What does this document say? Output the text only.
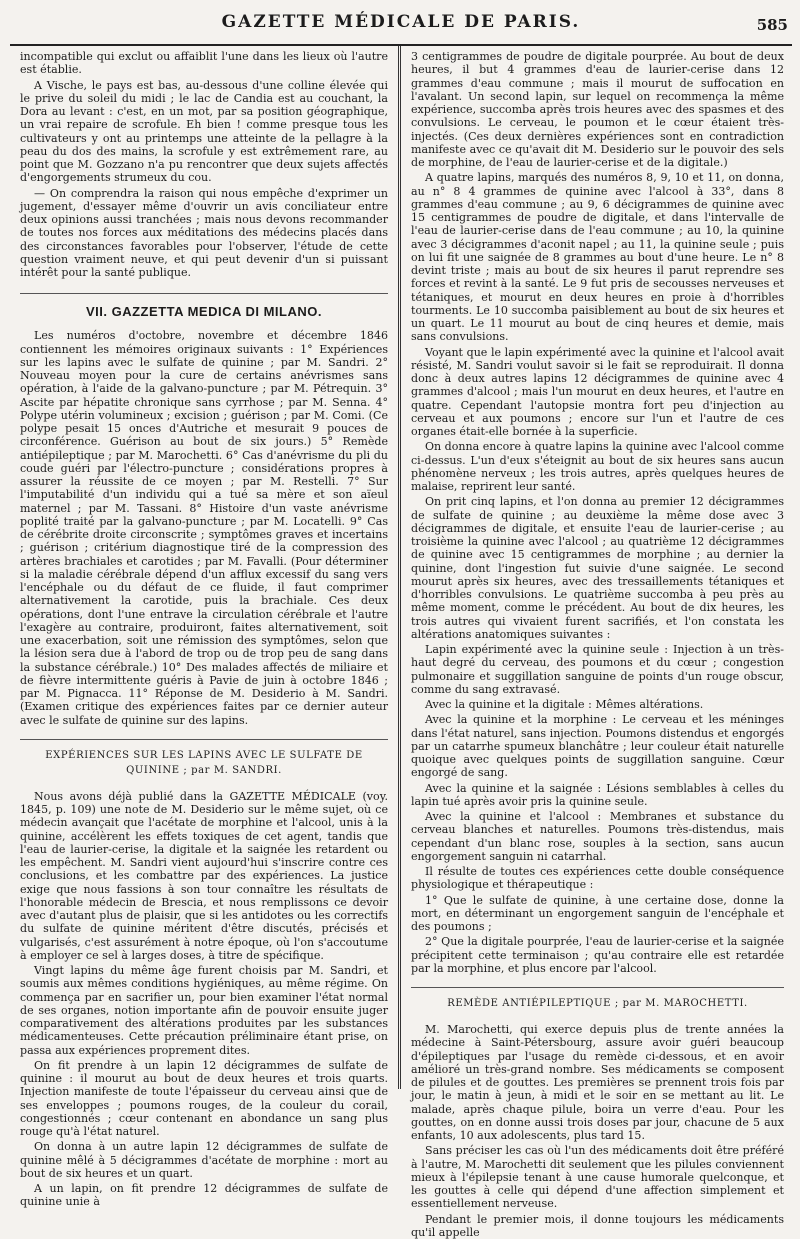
GAZETTE MÉDICALE DE PARIS.	585

incompatible qui exclut ou affaiblit l'une dans les lieux où l'autre est établie.

A Vische, le pays est bas, au-dessous d'une colline élevée qui le prive du soleil du midi ; le lac de Candia est au couchant, la Dora au levant : c'est, en un mot, par sa position géographique, un vrai repaire de scrofule. Eh bien ! comme presque tous les cultivateurs y ont au printemps une atteinte de la pellagre à la peau du dos des mains, la scrofule y est extrêmement rare, au point que M. Gozzano n'a pu rencontrer que deux sujets affectés d'engorgements strumeux du cou.

— On comprendra la raison qui nous empêche d'exprimer un jugement, d'essayer même d'ouvrir un avis conciliateur entre deux opinions aussi tranchées ; mais nous devons recommander de toutes nos forces aux méditations des médecins placés dans des circonstances favorables pour l'observer, l'étude de cette question vraiment neuve, et qui peut devenir d'un si puissant intérêt pour la santé publique.

VII. GAZZETTA MEDICA DI MILANO.

Les numéros d'octobre, novembre et décembre 1846 contiennent les mémoires originaux suivants : 1° Expériences sur les lapins avec le sulfate de quinine ; par M. Sandri. 2° Nouveau moyen pour la cure de certains anévrismes sans opération, à l'aide de la galvano-puncture ; par M. Pétrequin. 3° Ascite par hépatite chronique sans cyrrhose ; par M. Senna. 4° Polype utérin volumineux ; excision ; guérison ; par M. Comi. (Ce polype pesait 15 onces d'Autriche et mesurait 9 pouces de circonférence. Guérison au bout de six jours.) 5° Remède antiépileptique ; par M. Marochetti. 6° Cas d'anévrisme du pli du coude guéri par l'électro-puncture ; considérations propres à assurer la réussite de ce moyen ; par M. Restelli. 7° Sur l'imputabilité d'un individu qui a tué sa mère et son aïeul maternel ; par M. Tassani. 8° Histoire d'un vaste anévrisme poplité traité par la galvano-puncture ; par M. Locatelli. 9° Cas de cérébrite droite circonscrite ; symptômes graves et incertains ; guérison ; critérium diagnostique tiré de la compression des artères brachiales et carotides ; par M. Favalli. (Pour déterminer si la maladie cérébrale dépend d'un afflux excessif du sang vers l'encéphale ou du défaut de ce fluide, il faut comprimer alternativement la carotide, puis la brachiale. Ces deux opérations, dont l'une entrave la circulation cérébrale et l'autre l'exagère au contraire, produiront, faites alternativement, soit une exacerbation, soit une rémission des symptômes, selon que la lésion sera due à l'abord de trop ou de trop peu de sang dans la substance cérébrale.) 10° Des malades affectés de miliaire et de fièvre intermittente guéris à Pavie de juin à octobre 1846 ; par M. Pignacca. 11° Réponse de M. Desiderio à M. Sandri. (Examen critique des expériences faites par ce dernier auteur avec le sulfate de quinine sur des lapins.

EXPÉRIENCES SUR LES LAPINS AVEC LE SULFATE DE QUININE ; par M. SANDRI.

Nous avons déjà publié dans la GAZETTE MÉDICALE (voy. 1845, p. 109) une note de M. Desiderio sur le même sujet, où ce médecin avançait que l'acétate de morphine et l'alcool, unis à la quinine, accélèrent les effets toxiques de cet agent, tandis que l'eau de laurier-cerise, la digitale et la saignée les retardent ou les empêchent. M. Sandri vient aujourd'hui s'inscrire contre ces conclusions, et les combattre par des expériences. La justice exige que nous fassions à son tour connaître les résultats de l'honorable médecin de Brescia, et nous remplissons ce devoir avec d'autant plus de plaisir, que si les antidotes ou les correctifs du sulfate de quinine méritent d'être discutés, précisés et vulgarisés, c'est assurément à notre époque, où l'on s'accoutume à employer ce sel à larges doses, à titre de spécifique.

Vingt lapins du même âge furent choisis par M. Sandri, et soumis aux mêmes conditions hygiéniques, au même régime. On commença par en sacrifier un, pour bien examiner l'état normal de ses organes, notion importante afin de pouvoir ensuite juger comparativement des altérations produites par les substances médicamenteuses. Cette précaution préliminaire étant prise, on passa aux expériences proprement dites.

On fit prendre à un lapin 12 décigrammes de sulfate de quinine : il mourut au bout de deux heures et trois quarts. Injection manifeste de toute l'épaisseur du cerveau ainsi que de ses enveloppes ; poumons rouges, de la couleur du corail, congestionnés ; cœur contenant en abondance un sang plus rouge qu'à l'état naturel.

On donna à un autre lapin 12 décigrammes de sulfate de quinine mêlé à 5 décigrammes d'acétate de morphine : mort au bout de six heures et un quart.

A un lapin, on fit prendre 12 décigrammes de sulfate de quinine unie à

3 centigrammes de poudre de digitale pourprée. Au bout de deux heures, il but 4 grammes d'eau de laurier-cerise dans 12 grammes d'eau commune ; mais il mourut de suffocation en l'avalant. Un second lapin, sur lequel on recommença la même expérience, succomba après trois heures avec des spasmes et des convulsions. Le cerveau, le poumon et le cœur étaient très-injectés. (Ces deux dernières expériences sont en contradiction manifeste avec ce qu'avait dit M. Desiderio sur le pouvoir des sels de morphine, de l'eau de laurier-cerise et de la digitale.)

A quatre lapins, marqués des numéros 8, 9, 10 et 11, on donna, au n° 8 4 grammes de quinine avec l'alcool à 33°, dans 8 grammes d'eau commune ; au 9, 6 décigrammes de quinine avec 15 centigrammes de poudre de digitale, et dans l'intervalle de l'eau de laurier-cerise dans de l'eau commune ; au 10, la quinine avec 3 décigrammes d'aconit napel ; au 11, la quinine seule ; puis on lui fit une saignée de 8 grammes au bout d'une heure. Le n° 8 devint triste ; mais au bout de six heures il parut reprendre ses forces et revint à la santé. Le 9 fut pris de secousses nerveuses et tétaniques, et mourut en deux heures en proie à d'horribles tourments. Le 10 succomba paisiblement au bout de six heures et un quart. Le 11 mourut au bout de cinq heures et demie, mais sans convulsions.

Voyant que le lapin expérimenté avec la quinine et l'alcool avait résisté, M. Sandri voulut savoir si le fait se reproduirait. Il donna donc à deux autres lapins 12 décigrammes de quinine avec 4 grammes d'alcool ; mais l'un mourut en deux heures, et l'autre en quatre. Cependant l'autopsie montra fort peu d'injection au cerveau et aux poumons ; encore sur l'un et l'autre de ces organes était-elle bornée à la superficie.

On donna encore à quatre lapins la quinine avec l'alcool comme ci-dessus. L'un d'eux s'éteignit au bout de six heures sans aucun phénomène nerveux ; les trois autres, après quelques heures de malaise, reprirent leur santé.

On prit cinq lapins, et l'on donna au premier 12 décigrammes de sulfate de quinine ; au deuxième la même dose avec 3 décigrammes de digitale, et ensuite l'eau de laurier-cerise ; au troisième la quinine avec l'alcool ; au quatrième 12 décigrammes de quinine avec 15 centigrammes de morphine ; au dernier la quinine, dont l'ingestion fut suivie d'une saignée. Le second mourut après six heures, avec des tressaillements tétaniques et d'horribles convulsions. Le quatrième succomba à peu près au même moment, comme le précédent. Au bout de dix heures, les trois autres qui vivaient furent sacrifiés, et l'on constata les altérations anatomiques suivantes :

Lapin expérimenté avec la quinine seule : Injection à un très-haut degré du cerveau, des poumons et du cœur ; congestion pulmonaire et suggillation sanguine de points d'un rouge obscur, comme du sang extravasé.

Avec la quinine et la digitale : Mêmes altérations.

Avec la quinine et la morphine : Le cerveau et les méninges dans l'état naturel, sans injection. Poumons distendus et engorgés par un catarrhe spumeux blanchâtre ; leur couleur était naturelle quoique avec quelques points de suggillation sanguine. Cœur engorgé de sang.

Avec la quinine et la saignée : Lésions semblables à celles du lapin tué après avoir pris la quinine seule.

Avec la quinine et l'alcool : Membranes et substance du cerveau blanches et naturelles. Poumons très-distendus, mais cependant d'un blanc rose, souples à la section, sans aucun engorgement sanguin ni catarrhal.

Il résulte de toutes ces expériences cette double conséquence physiologique et thérapeutique :

1° Que le sulfate de quinine, à une certaine dose, donne la mort, en déterminant un engorgement sanguin de l'encéphale et des poumons ;

2° Que la digitale pourprée, l'eau de laurier-cerise et la saignée précipitent cette terminaison ; qu'au contraire elle est retardée par la morphine, et plus encore par l'alcool.

REMÈDE ANTIÉPILEPTIQUE ; par M. MAROCHETTI.

M. Marochetti, qui exerce depuis plus de trente années la médecine à Saint-Pétersbourg, assure avoir guéri beaucoup d'épileptiques par l'usage du remède ci-dessous, et en avoir amélioré un très-grand nombre. Ses médicaments se composent de pilules et de gouttes. Les premières se prennent trois fois par jour, le matin à jeun, à midi et le soir en se mettant au lit. Le malade, après chaque pilule, boira un verre d'eau. Pour les gouttes, on en donne aussi trois doses par jour, chacune de 5 aux enfants, 10 aux adolescents, plus tard 15.

Sans préciser les cas où l'un des médicaments doit être préféré à l'autre, M. Marochetti dit seulement que les pilules conviennent mieux à l'épilepsie tenant à une cause humorale quelconque, et les gouttes à celle qui dépend d'une affection simplement et essentiellement nerveuse.

Pendant le premier mois, il donne toujours les médicaments qu'il appelle
